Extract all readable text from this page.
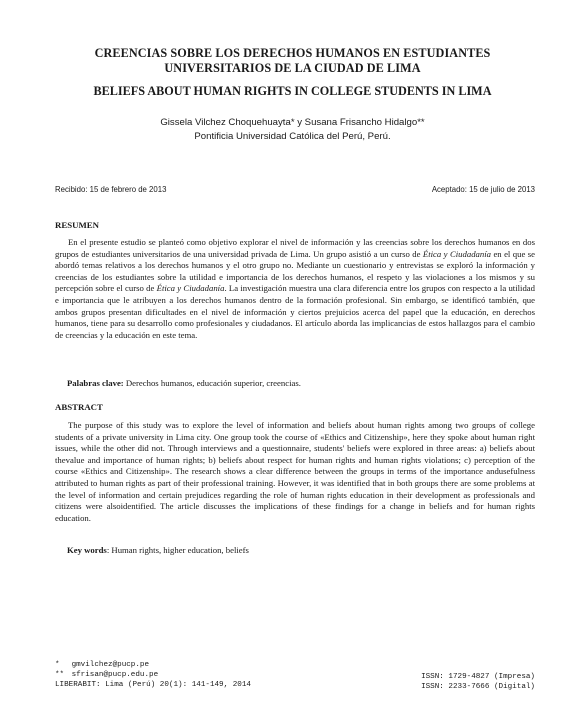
CREENCIAS SOBRE LOS DERECHOS HUMANOS EN ESTUDIANTES UNIVERSITARIOS DE LA CIUDAD DE LIMA
BELIEFS ABOUT HUMAN RIGHTS IN COLLEGE STUDENTS IN LIMA
Gissela Vilchez Choquehuayta* y Susana Frisancho Hidalgo**
Pontificia Universidad Católica del Perú, Perú.
Recibido: 15 de febrero de 2013	Aceptado: 15 de julio de 2013
RESUMEN

En el presente estudio se planteó como objetivo explorar el nivel de información y las creencias sobre los derechos humanos en dos grupos de estudiantes universitarios de una universidad privada de Lima. Un grupo asistió a un curso de Ética y Ciudadanía en el que se abordó temas relativos a los derechos humanos y el otro grupo no. Mediante un cuestionario y entrevistas se exploró la información y creencias de los estudiantes sobre la utilidad e importancia de los derechos humanos, el respeto y las violaciones a los mismos y su percepción sobre el curso de Ética y Ciudadanía. La investigación muestra una clara diferencia entre los grupos con respecto a la utilidad e importancia que le atribuyen a los derechos humanos dentro de la formación profesional. Sin embargo, se identificó también, que ambos grupos presentan dificultades en el nivel de información y ciertos prejuicios acerca del papel que la educación, en derechos humanos, tiene para su desarrollo como profesionales y ciudadanos. El artículo aborda las implicancias de estos hallazgos para el cambio de creencias y la educación en este tema.

Palabras clave: Derechos humanos, educación superior, creencias.
ABSTRACT

The purpose of this study was to explore the level of information and beliefs about human rights among two groups of college students of a private university in Lima city. One group took the course of «Ethics and Citizenship», here they spoke about human right issues, while the other did not. Through interviews and a questionnaire, students' beliefs were explored in three areas: a) beliefs about thevalue and importance of human rights; b) beliefs about respect for human rights and human rights violations; c) perception of the course «Ethics and Citizenship». The research shows a clear difference between the groups in terms of the importance andusefulness attributed to human rights as part of their professional training. However, it was identified that in both groups there are some problems at the level of information and certain prejudices regarding the role of human rights education in their development as professionals and citizens were alsoidentified. The article discusses the implications of these findings for a change in beliefs and for human rights education.

Key words: Human rights, higher education, beliefs
* gmvilchez@pucp.pe
** sfrisan@pucp.edu.pe
LIBERABIT: Lima (Perú) 20(1): 141-149, 2014
ISSN: 1729-4827 (Impresa)
ISSN: 2233-7666 (Digital)
